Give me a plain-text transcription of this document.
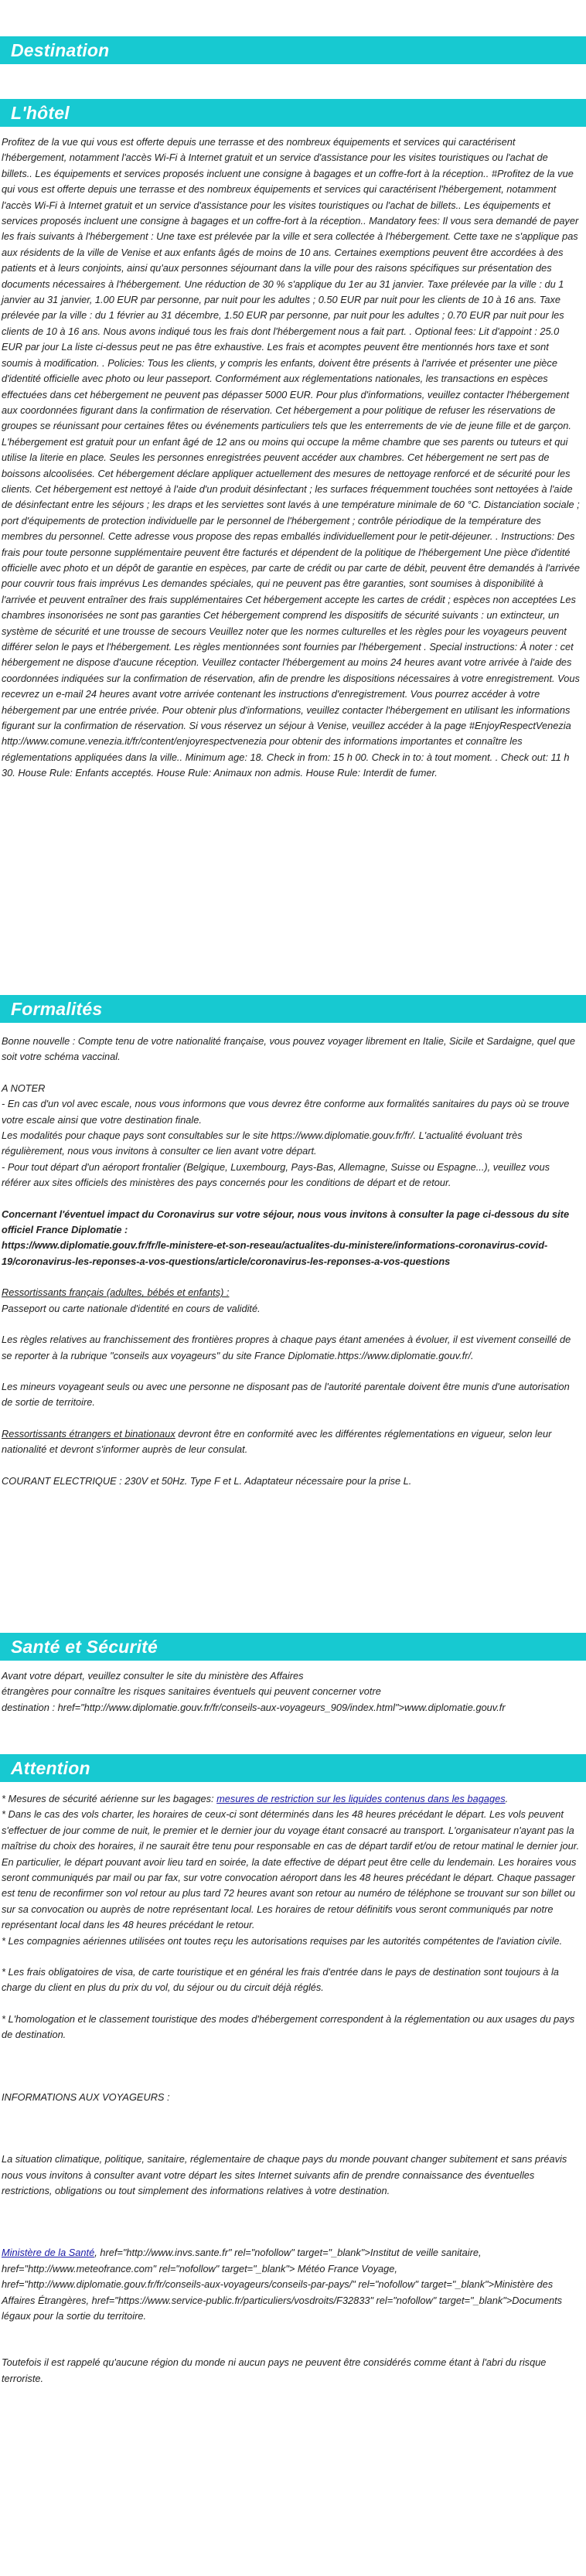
Destination
L'hôtel

Profitez de la vue qui vous est offerte depuis une terrasse et des nombreux équipements et services qui caractérisent l'hébergement, notamment l'accès Wi-Fi à Internet gratuit et un service d'assistance pour les visites touristiques ou l'achat de billets.. Les équipements et services proposés incluent une consigne à bagages et un coffre-fort à la réception.. #Profitez de la vue qui vous est offerte depuis une terrasse et des nombreux équipements et services qui caractérisent l'hébergement, notamment l'accès Wi-Fi à Internet gratuit et un service d'assistance pour les visites touristiques ou l'achat de billets.. Les équipements et services proposés incluent une consigne à bagages et un coffre-fort à la réception.. Mandatory fees: Il vous sera demandé de payer les frais suivants à l'hébergement : Une taxe est prélevée par la ville et sera collectée à l'hébergement. Cette taxe ne s'applique pas aux résidents de la ville de Venise et aux enfants âgés de moins de 10 ans. Certaines exemptions peuvent être accordées à des patients et à leurs conjoints, ainsi qu'aux personnes séjournant dans la ville pour des raisons spécifiques sur présentation des documents nécessaires à l'hébergement. Une réduction de 30 % s'applique du 1er au 31 janvier. Taxe prélevée par la ville : du 1 janvier au 31 janvier, 1.00 EUR par personne, par nuit pour les adultes ; 0.50 EUR par nuit pour les clients de 10 à 16 ans. Taxe prélevée par la ville : du 1 février au 31 décembre, 1.50 EUR par personne, par nuit pour les adultes ; 0.70 EUR par nuit pour les clients de 10 à 16 ans. Nous avons indiqué tous les frais dont l'hébergement nous a fait part. . Optional fees: Lit d'appoint : 25.0 EUR par jour La liste ci-dessus peut ne pas être exhaustive. Les frais et acomptes peuvent être mentionnés hors taxe et sont soumis à modification. . Policies: Tous les clients, y compris les enfants, doivent être présents à l'arrivée et présenter une pièce d'identité officielle avec photo ou leur passeport. Conformément aux réglementations nationales, les transactions en espèces effectuées dans cet hébergement ne peuvent pas dépasser 5000 EUR. Pour plus d'informations, veuillez contacter l'hébergement aux coordonnées figurant dans la confirmation de réservation. Cet hébergement a pour politique de refuser les réservations de groupes se réunissant pour certaines fêtes ou événements particuliers tels que les enterrements de vie de jeune fille et de garçon. L'hébergement est gratuit pour un enfant âgé de 12 ans ou moins qui occupe la même chambre que ses parents ou tuteurs et qui utilise la literie en place. Seules les personnes enregistrées peuvent accéder aux chambres. Cet hébergement ne sert pas de boissons alcoolisées. Cet hébergement déclare appliquer actuellement des mesures de nettoyage renforcé et de sécurité pour les clients. Cet hébergement est nettoyé à l'aide d'un produit désinfectant ; les surfaces fréquemment touchées sont nettoyées à l'aide de désinfectant entre les séjours ; les draps et les serviettes sont lavés à une température minimale de 60 °C. Distanciation sociale ; port d'équipements de protection individuelle par le personnel de l'hébergement ; contrôle périodique de la température des membres du personnel. Cette adresse vous propose des repas emballés individuellement pour le petit-déjeuner. . Instructions: Des frais pour toute personne supplémentaire peuvent être facturés et dépendent de la politique de l'hébergement Une pièce d'identité officielle avec photo et un dépôt de garantie en espèces, par carte de crédit ou par carte de débit, peuvent être demandés à l'arrivée pour couvrir tous frais imprévus Les demandes spéciales, qui ne peuvent pas être garanties, sont soumises à disponibilité à l'arrivée et peuvent entraîner des frais supplémentaires Cet hébergement accepte les cartes de crédit ; espèces non acceptées Les chambres insonorisées ne sont pas garanties Cet hébergement comprend les dispositifs de sécurité suivants : un extincteur, un système de sécurité et une trousse de secours Veuillez noter que les normes culturelles et les règles pour les voyageurs peuvent différer selon le pays et l'hébergement. Les règles mentionnées sont fournies par l'hébergement . Special instructions: À noter : cet hébergement ne dispose d'aucune réception. Veuillez contacter l'hébergement au moins 24 heures avant votre arrivée à l'aide des coordonnées indiquées sur la confirmation de réservation, afin de prendre les dispositions nécessaires à votre enregistrement. Vous recevrez un e-mail 24 heures avant votre arrivée contenant les instructions d'enregistrement. Vous pourrez accéder à votre hébergement par une entrée privée. Pour obtenir plus d'informations, veuillez contacter l'hébergement en utilisant les informations figurant sur la confirmation de réservation. Si vous réservez un séjour à Venise, veuillez accéder à la page #EnjoyRespectVenezia http://www.comune.venezia.it/fr/content/enjoyrespectvenezia pour obtenir des informations importantes et connaître les réglementations appliquées dans la ville.. Minimum age: 18. Check in from: 15 h 00. Check in to: à tout moment. . Check out: 11 h 30. House Rule: Enfants acceptés. House Rule: Animaux non admis. House Rule: Interdit de fumer.

Formalités

Bonne nouvelle : Compte tenu de votre nationalité française, vous pouvez voyager librement en Italie, Sicile et Sardaigne, quel que soit votre schéma vaccinal.

A NOTER
- En cas d'un vol avec escale, nous vous informons que vous devrez être conforme aux formalités sanitaires du pays où se trouve votre escale ainsi que votre destination finale.
Les modalités pour chaque pays sont consultables sur le site https://www.diplomatie.gouv.fr/fr/. L'actualité évoluant très régulièrement, nous vous invitons à consulter ce lien avant votre départ.
- Pour tout départ d'un aéroport frontalier (Belgique, Luxembourg, Pays-Bas, Allemagne, Suisse ou Espagne...), veuillez vous référer aux sites officiels des ministères des pays concernés pour les conditions de départ et de retour.

Concernant l'éventuel impact du Coronavirus sur votre séjour, nous vous invitons à consulter la page ci-dessous du site officiel France Diplomatie :
https://www.diplomatie.gouv.fr/fr/le-ministere-et-son-reseau/actualites-du-ministere/informations-coronavirus-covid-19/coronavirus-les-reponses-a-vos-questions/article/coronavirus-les-reponses-a-vos-questions

Ressortissants français (adultes, bébés et enfants) :
Passeport ou carte nationale d'identité en cours de validité.

Les règles relatives au franchissement des frontières propres à chaque pays étant amenées à évoluer, il est vivement conseillé de se reporter à la rubrique "conseils aux voyageurs" du site France Diplomatie.https://www.diplomatie.gouv.fr/.

Les mineurs voyageant seuls ou avec une personne ne disposant pas de l'autorité parentale doivent être munis d'une autorisation de sortie de territoire.

Ressortissants étrangers et binationaux devront être en conformité avec les différentes réglementations en vigueur, selon leur nationalité et devront s'informer auprès de leur consulat.

COURANT ELECTRIQUE : 230V et 50Hz. Type F et L. Adaptateur nécessaire pour la prise L.

Santé et Sécurité

Avant votre départ, veuillez consulter le site du ministère des Affaires
étrangères pour connaître les risques sanitaires éventuels qui peuvent concerner votre
destination : href="http://www.diplomatie.gouv.fr/fr/conseils-aux-voyageurs_909/index.html">www.diplomatie.gouv.fr

Attention

* Mesures de sécurité aérienne sur les bagages: mesures de restriction sur les liquides contenus dans les bagages.

* Dans le cas des vols charter, les horaires de ceux-ci sont déterminés dans les 48 heures précédant le départ. Les vols peuvent s'effectuer de jour comme de nuit, le premier et le dernier jour du voyage étant consacré au transport. L'organisateur n'ayant pas la maîtrise du choix des horaires, il ne saurait être tenu pour responsable en cas de départ tardif et/ou de retour matinal le dernier jour. En particulier, le départ pouvant avoir lieu tard en soirée, la date effective de départ peut être celle du lendemain. Les horaires vous seront communiqués par mail ou par fax, sur votre convocation aéroport dans les 48 heures précédant le départ. Chaque passager est tenu de reconfirmer son vol retour au plus tard 72 heures avant son retour au numéro de téléphone se trouvant sur son billet ou sur sa convocation ou auprès de notre représentant local. Les horaires de retour définitifs vous seront communiqués par notre représentant local dans les 48 heures précédant le retour.
* Les compagnies aériennes utilisées ont toutes reçu les autorisations requises par les autorités compétentes de l'aviation civile.

* Les frais obligatoires de visa, de carte touristique et en général les frais d'entrée dans le pays de destination sont toujours à la charge du client en plus du prix du vol, du séjour ou du circuit déjà réglés.

* L'homologation et le classement touristique des modes d'hébergement correspondent à la réglementation ou aux usages du pays de destination.

INFORMATIONS AUX VOYAGEURS :

La situation climatique, politique, sanitaire, réglementaire de chaque pays du monde pouvant changer subitement et sans préavis
nous vous invitons à consulter avant votre départ les sites Internet suivants afin de prendre connaissance des éventuelles restrictions, obligations ou tout simplement des informations relatives à votre destination.

Ministère de la Santé, href="http://www.invs.sante.fr" rel="nofollow" target="_blank">Institut de veille sanitaire, href="http://www.meteofrance.com" rel="nofollow" target="_blank"> Météo France Voyage, href="http://www.diplomatie.gouv.fr/fr/conseils-aux-voyageurs/conseils-par-pays/" rel="nofollow" target="_blank">Ministère des Affaires Étrangères, href="https://www.service-public.fr/particuliers/vosdroits/F32833" rel="nofollow" target="_blank">Documents légaux pour la sortie du territoire.

Toutefois il est rappelé qu'aucune région du monde ni aucun pays ne peuvent être considérés comme étant à l'abri du risque terroriste.
